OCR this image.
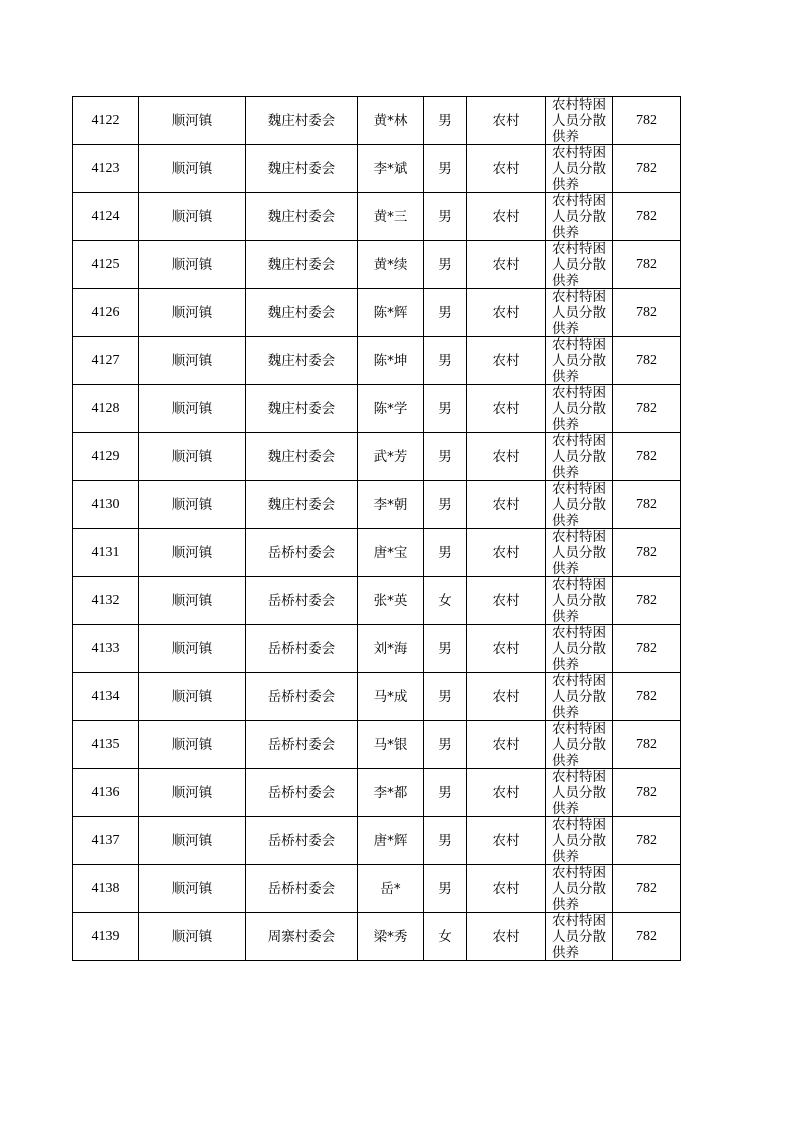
4122	顺河镇	魏庄村委会	黄*林	男	农村	农村特困人员分散供养	782
4123	顺河镇	魏庄村委会	李*斌	男	农村	农村特困人员分散供养	782
4124	顺河镇	魏庄村委会	黄*三	男	农村	农村特困人员分散供养	782
4125	顺河镇	魏庄村委会	黄*续	男	农村	农村特困人员分散供养	782
4126	顺河镇	魏庄村委会	陈*辉	男	农村	农村特困人员分散供养	782
4127	顺河镇	魏庄村委会	陈*坤	男	农村	农村特困人员分散供养	782
4128	顺河镇	魏庄村委会	陈*学	男	农村	农村特困人员分散供养	782
4129	顺河镇	魏庄村委会	武*芳	男	农村	农村特困人员分散供养	782
4130	顺河镇	魏庄村委会	李*朝	男	农村	农村特困人员分散供养	782
4131	顺河镇	岳桥村委会	唐*宝	男	农村	农村特困人员分散供养	782
4132	顺河镇	岳桥村委会	张*英	女	农村	农村特困人员分散供养	782
4133	顺河镇	岳桥村委会	刘*海	男	农村	农村特困人员分散供养	782
4134	顺河镇	岳桥村委会	马*成	男	农村	农村特困人员分散供养	782
4135	顺河镇	岳桥村委会	马*银	男	农村	农村特困人员分散供养	782
4136	顺河镇	岳桥村委会	李*都	男	农村	农村特困人员分散供养	782
4137	顺河镇	岳桥村委会	唐*辉	男	农村	农村特困人员分散供养	782
4138	顺河镇	岳桥村委会	岳*	男	农村	农村特困人员分散供养	782
4139	顺河镇	周寨村委会	梁*秀	女	农村	农村特困人员分散供养	782
